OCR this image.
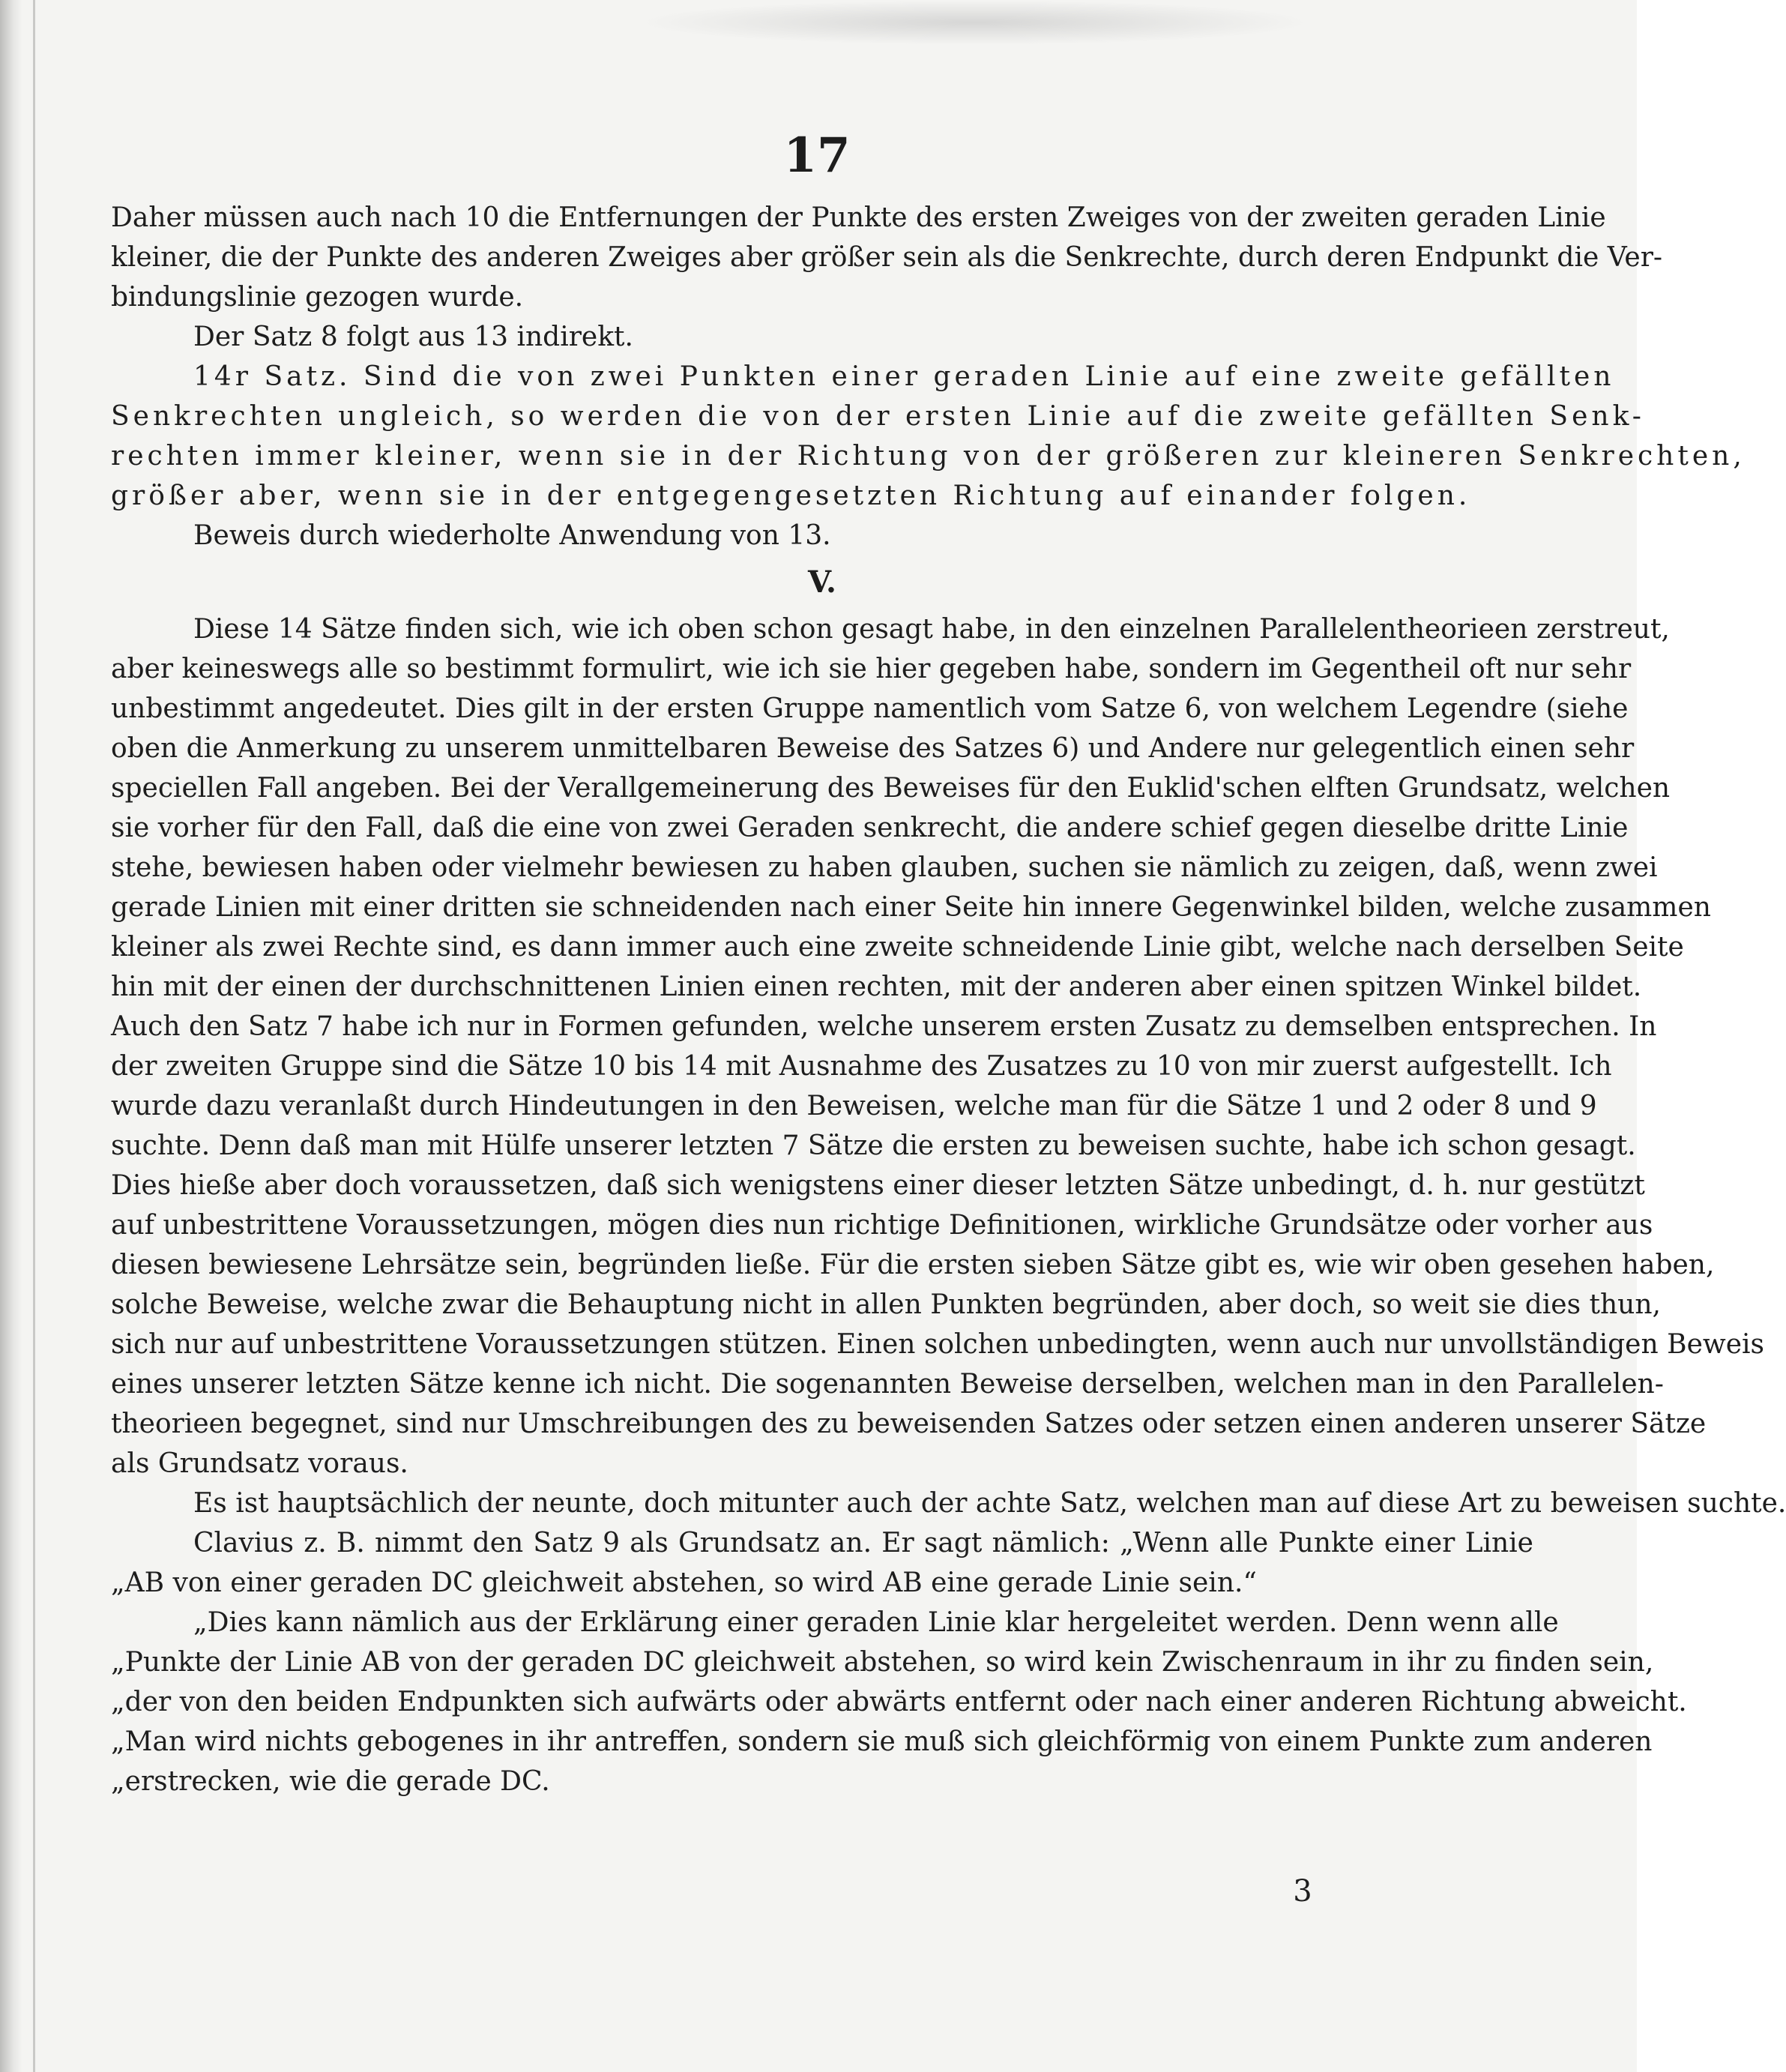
17
Daher müssen auch nach 10 die Entfernungen der Punkte des ersten Zweiges von der zweiten geraden Linie
kleiner, die der Punkte des anderen Zweiges aber größer sein als die Senkrechte, durch deren Endpunkt die Ver-
bindungslinie gezogen wurde.
Der Satz 8 folgt aus 13 indirekt.
14r Satz. Sind die von zwei Punkten einer geraden Linie auf eine zweite gefällten
Senkrechten ungleich, so werden die von der ersten Linie auf die zweite gefällten Senk-
rechten immer kleiner, wenn sie in der Richtung von der größeren zur kleineren Senkrechten,
größer aber, wenn sie in der entgegengesetzten Richtung auf einander folgen.
Beweis durch wiederholte Anwendung von 13.
V.
Diese 14 Sätze finden sich, wie ich oben schon gesagt habe, in den einzelnen Parallelentheorieen zerstreut,
aber keineswegs alle so bestimmt formulirt, wie ich sie hier gegeben habe, sondern im Gegentheil oft nur sehr
unbestimmt angedeutet. Dies gilt in der ersten Gruppe namentlich vom Satze 6, von welchem Legendre (siehe
oben die Anmerkung zu unserem unmittelbaren Beweise des Satzes 6) und Andere nur gelegentlich einen sehr
speciellen Fall angeben. Bei der Verallgemeinerung des Beweises für den Euklid'schen elften Grundsatz, welchen
sie vorher für den Fall, daß die eine von zwei Geraden senkrecht, die andere schief gegen dieselbe dritte Linie
stehe, bewiesen haben oder vielmehr bewiesen zu haben glauben, suchen sie nämlich zu zeigen, daß, wenn zwei
gerade Linien mit einer dritten sie schneidenden nach einer Seite hin innere Gegenwinkel bilden, welche zusammen
kleiner als zwei Rechte sind, es dann immer auch eine zweite schneidende Linie gibt, welche nach derselben Seite
hin mit der einen der durchschnittenen Linien einen rechten, mit der anderen aber einen spitzen Winkel bildet.
Auch den Satz 7 habe ich nur in Formen gefunden, welche unserem ersten Zusatz zu demselben entsprechen. In
der zweiten Gruppe sind die Sätze 10 bis 14 mit Ausnahme des Zusatzes zu 10 von mir zuerst aufgestellt. Ich
wurde dazu veranlaßt durch Hindeutungen in den Beweisen, welche man für die Sätze 1 und 2 oder 8 und 9
suchte. Denn daß man mit Hülfe unserer letzten 7 Sätze die ersten zu beweisen suchte, habe ich schon gesagt.
Dies hieße aber doch voraussetzen, daß sich wenigstens einer dieser letzten Sätze unbedingt, d. h. nur gestützt
auf unbestrittene Voraussetzungen, mögen dies nun richtige Definitionen, wirkliche Grundsätze oder vorher aus
diesen bewiesene Lehrsätze sein, begründen ließe. Für die ersten sieben Sätze gibt es, wie wir oben gesehen haben,
solche Beweise, welche zwar die Behauptung nicht in allen Punkten begründen, aber doch, so weit sie dies thun,
sich nur auf unbestrittene Voraussetzungen stützen. Einen solchen unbedingten, wenn auch nur unvollständigen Beweis
eines unserer letzten Sätze kenne ich nicht. Die sogenannten Beweise derselben, welchen man in den Parallelen-
theorieen begegnet, sind nur Umschreibungen des zu beweisenden Satzes oder setzen einen anderen unserer Sätze
als Grundsatz voraus.
Es ist hauptsächlich der neunte, doch mitunter auch der achte Satz, welchen man auf diese Art zu beweisen suchte.
Clavius z. B. nimmt den Satz 9 als Grundsatz an. Er sagt nämlich: „Wenn alle Punkte einer Linie
„AB von einer geraden DC gleichweit abstehen, so wird AB eine gerade Linie sein.“
„Dies kann nämlich aus der Erklärung einer geraden Linie klar hergeleitet werden. Denn wenn alle
„Punkte der Linie AB von der geraden DC gleichweit abstehen, so wird kein Zwischenraum in ihr zu finden sein,
„der von den beiden Endpunkten sich aufwärts oder abwärts entfernt oder nach einer anderen Richtung abweicht.
„Man wird nichts gebogenes in ihr antreffen, sondern sie muß sich gleichförmig von einem Punkte zum anderen
„erstrecken, wie die gerade DC.
3
